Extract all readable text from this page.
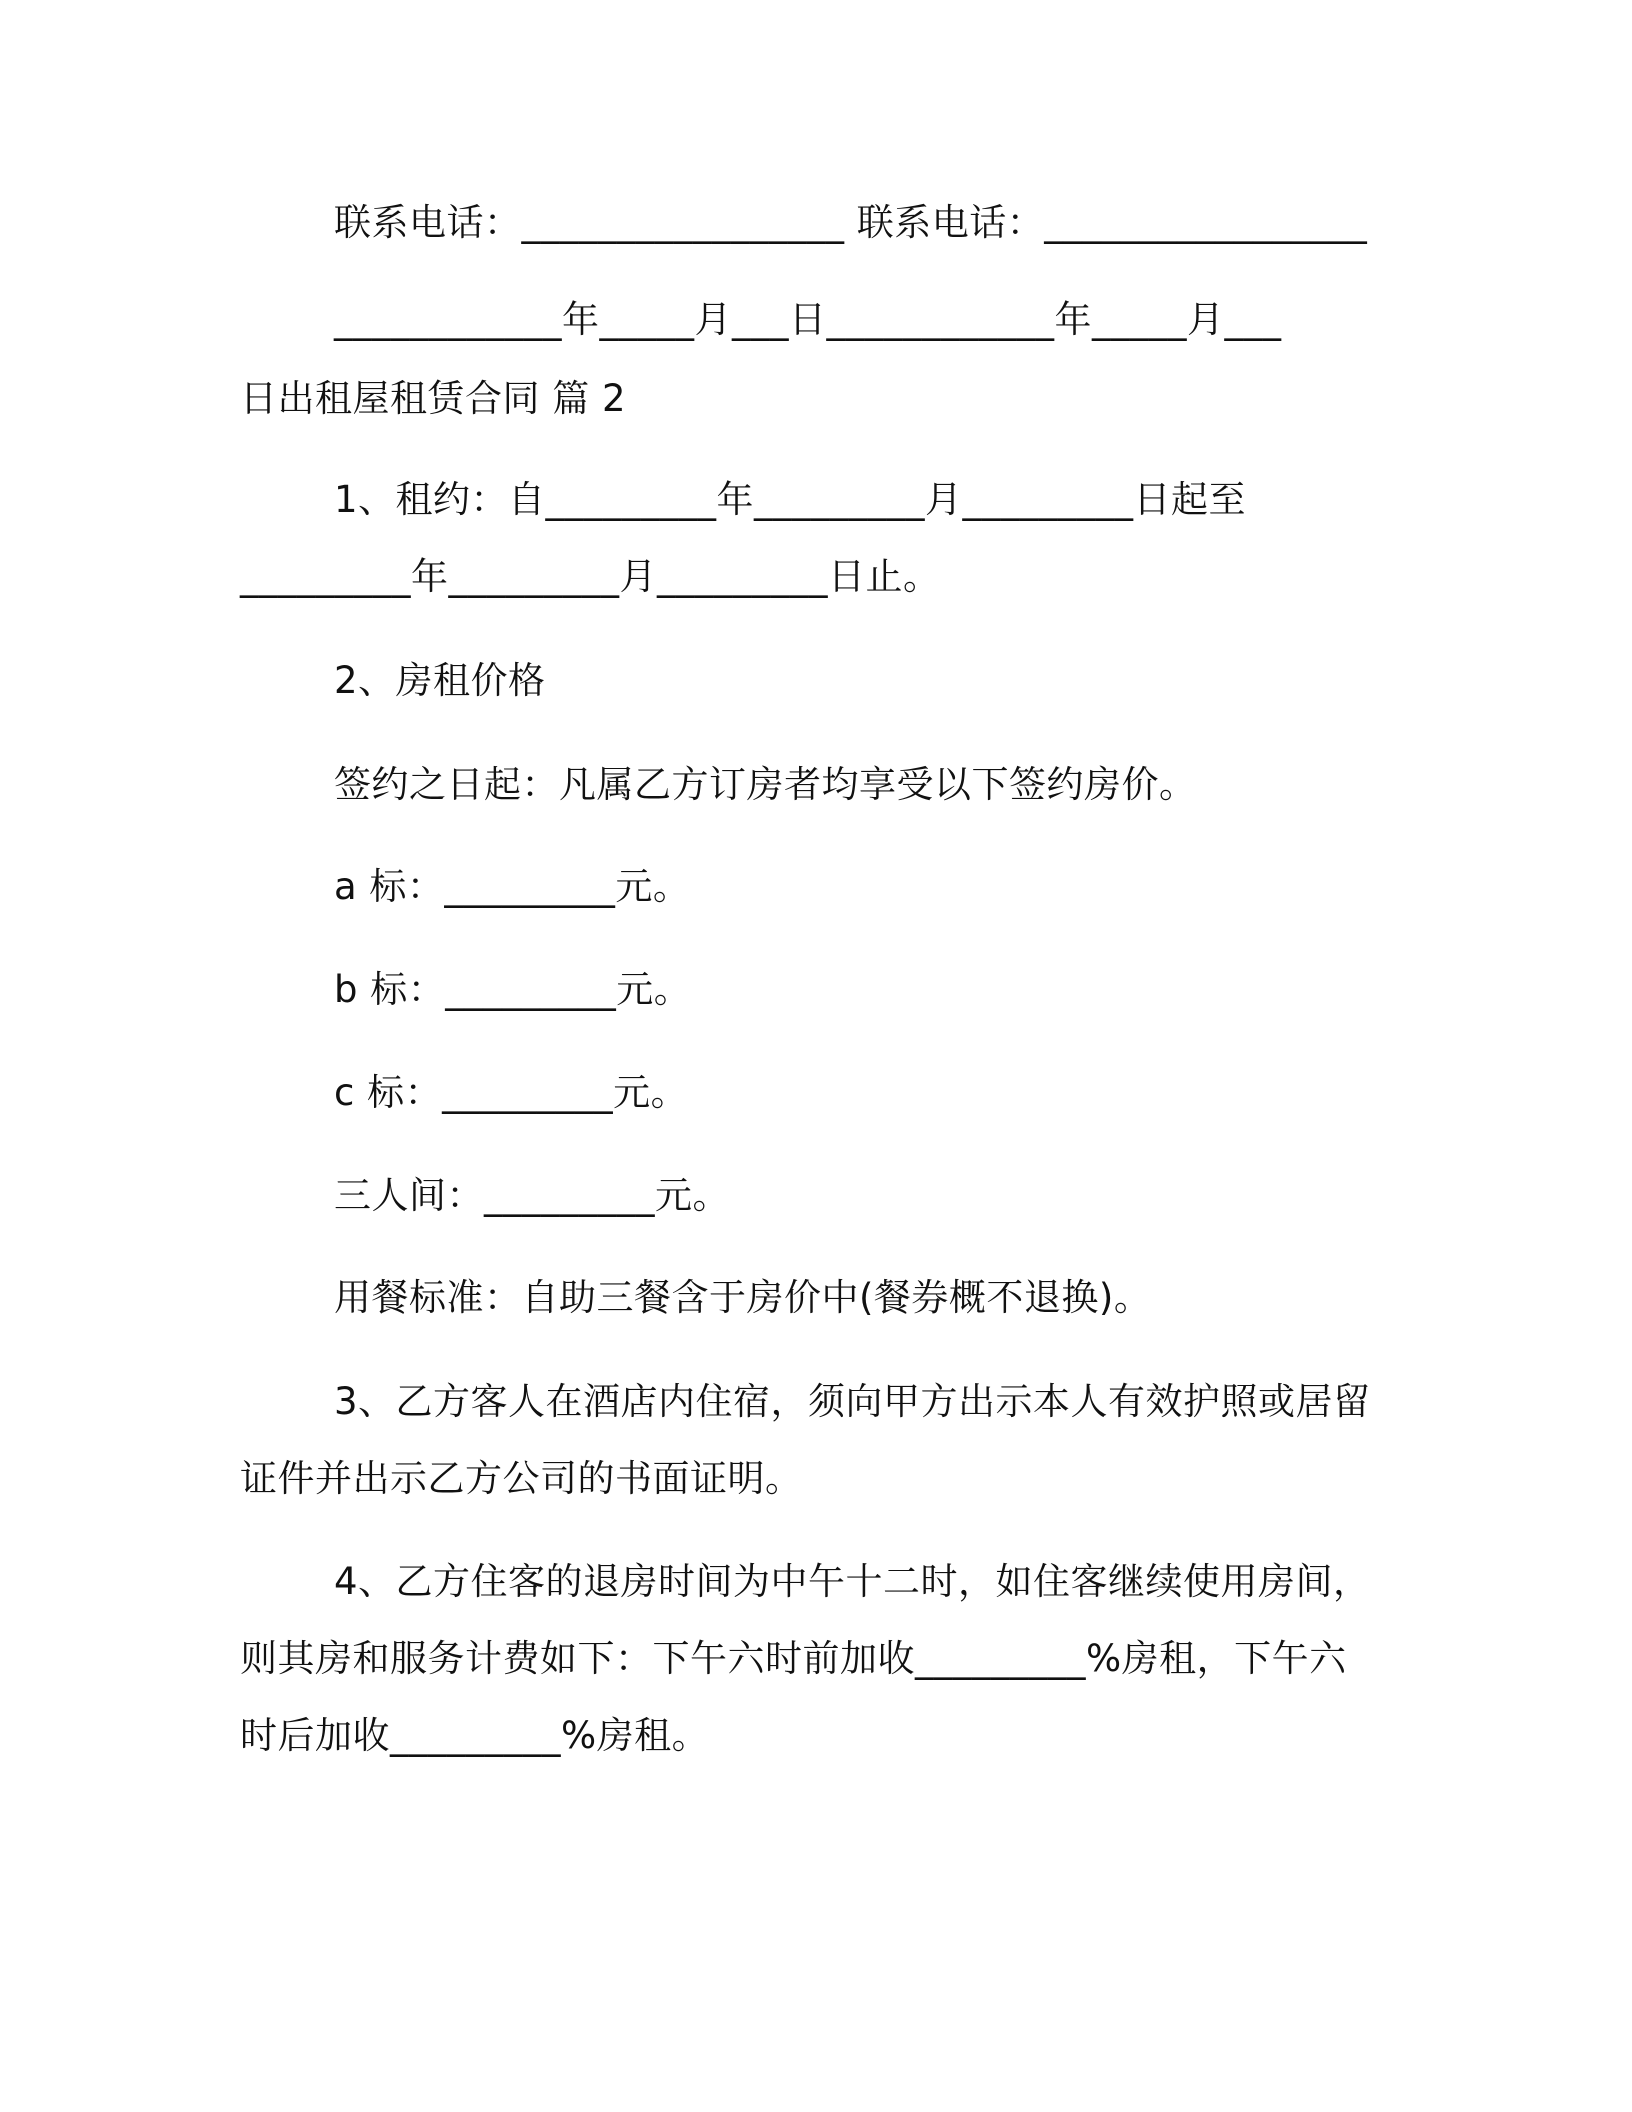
联系电话：_________________ 联系电话：_________________
____________年_____月___日____________年_____月___
日出租屋租赁合同 篇 2
1、租约：自_________年_________月_________日起至
_________年_________月_________日止。
2、房租价格
签约之日起：凡属乙方订房者均享受以下签约房价。
a 标：_________元。
b 标：_________元。
c 标：_________元。
三人间：_________元。
用餐标准：自助三餐含于房价中(餐券概不退换)。
3、乙方客人在酒店内住宿，须向甲方出示本人有效护照或居留
证件并出示乙方公司的书面证明。
4、乙方住客的退房时间为中午十二时，如住客继续使用房间，
则其房和服务计费如下：下午六时前加收_________%房租，下午六
时后加收_________%房租。
